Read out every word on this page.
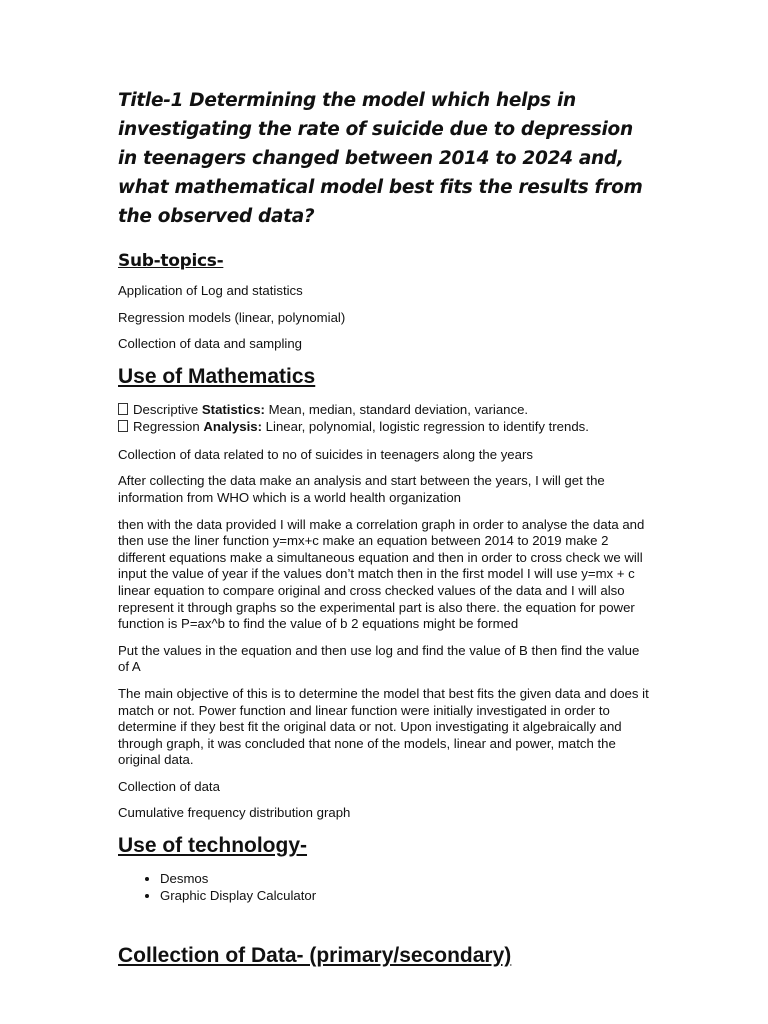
Title-1 Determining the model which helps in investigating the rate of suicide due to depression in teenagers changed between 2014 to 2024 and, what mathematical model best fits the results from the observed data?
Sub-topics-

Application of Log and statistics

Regression models (linear, polynomial)

Collection of data and sampling

Use of Mathematics
Descriptive Statistics: Mean, median, standard deviation, variance.
Regression Analysis: Linear, polynomial, logistic regression to identify trends.

Collection of data related to no of suicides in teenagers along the years

After collecting the data make an analysis and start between the years, I will get the information from WHO which is a world health organization

then with the data provided I will make a correlation graph in order to analyse the data and then use the liner function y=mx+c make an equation between 2014 to 2019 make 2 different equations make a simultaneous equation and then in order to cross check we will input the value of year if the values don’t match then in the first model I will use y=mx + c linear equation to compare original and cross checked values of the data and I will also represent it through graphs so the experimental part is also there. the equation for power function is P=ax^b to find the value of b 2 equations might be formed

Put the values in the equation and then use log and find the value of B then find the value of A

The main objective of this is to determine the model that best fits the given data and does it match or not. Power function and linear function were initially investigated in order to determine if they best fit the original data or not. Upon investigating it algebraically and through graph, it was concluded that none of the models, linear and power, match the original data.

Collection of data

Cumulative frequency distribution graph

Use of technology-
• Desmos
• Graphic Display Calculator
Collection of Data- (primary/secondary)
